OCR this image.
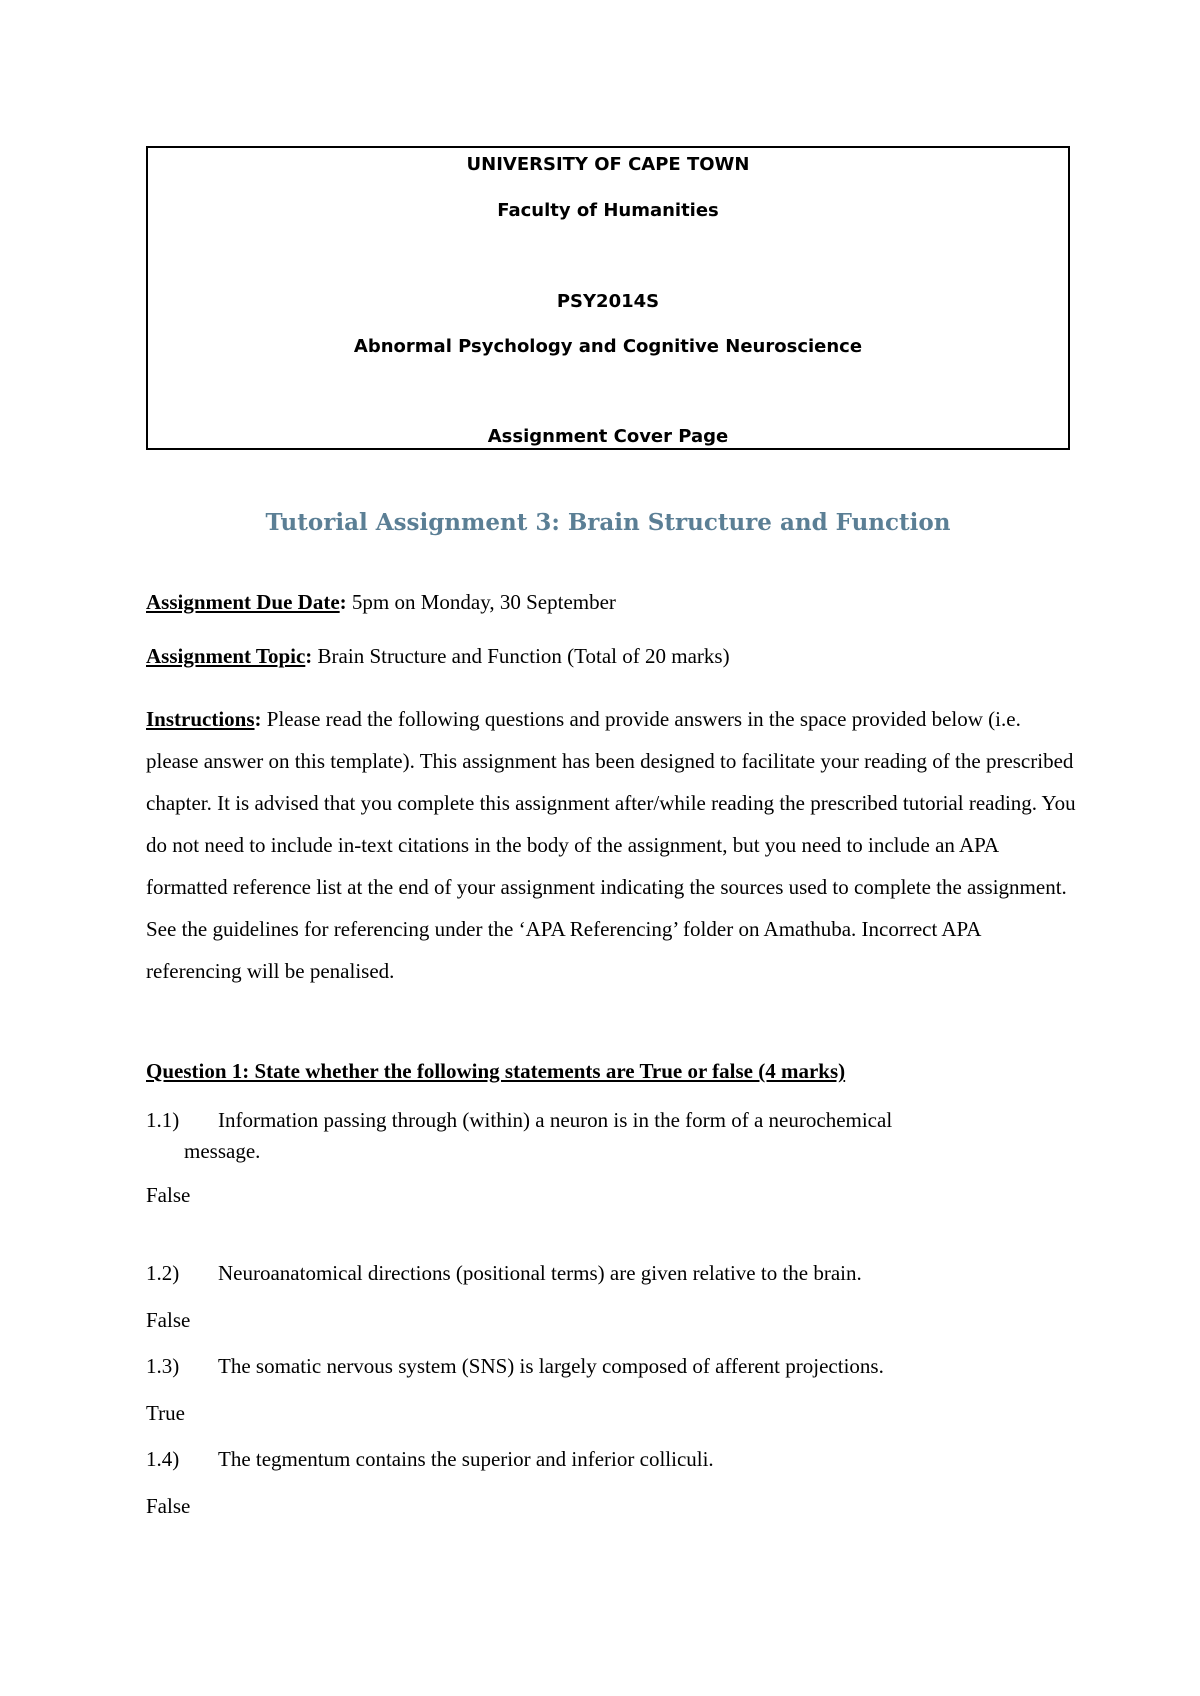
UNIVERSITY OF CAPE TOWN
Faculty of Humanities
PSY2014S
Abnormal Psychology and Cognitive Neuroscience
Assignment Cover Page
Tutorial Assignment 3: Brain Structure and Function
Assignment Due Date: 5pm on Monday, 30 September
Assignment Topic: Brain Structure and Function (Total of 20 marks)
Instructions: Please read the following questions and provide answers in the space provided below (i.e. please answer on this template). This assignment has been designed to facilitate your reading of the prescribed chapter. It is advised that you complete this assignment after/while reading the prescribed tutorial reading. You do not need to include in-text citations in the body of the assignment, but you need to include an APA formatted reference list at the end of your assignment indicating the sources used to complete the assignment. See the guidelines for referencing under the ‘APA Referencing’ folder on Amathuba. Incorrect APA referencing will be penalised.
Question 1: State whether the following statements are True or false (4 marks)
1.1) Information passing through (within) a neuron is in the form of a neurochemical
message.
False
1.2) Neuroanatomical directions (positional terms) are given relative to the brain.
False
1.3) The somatic nervous system (SNS) is largely composed of afferent projections.
True
1.4) The tegmentum contains the superior and inferior colliculi.
False
